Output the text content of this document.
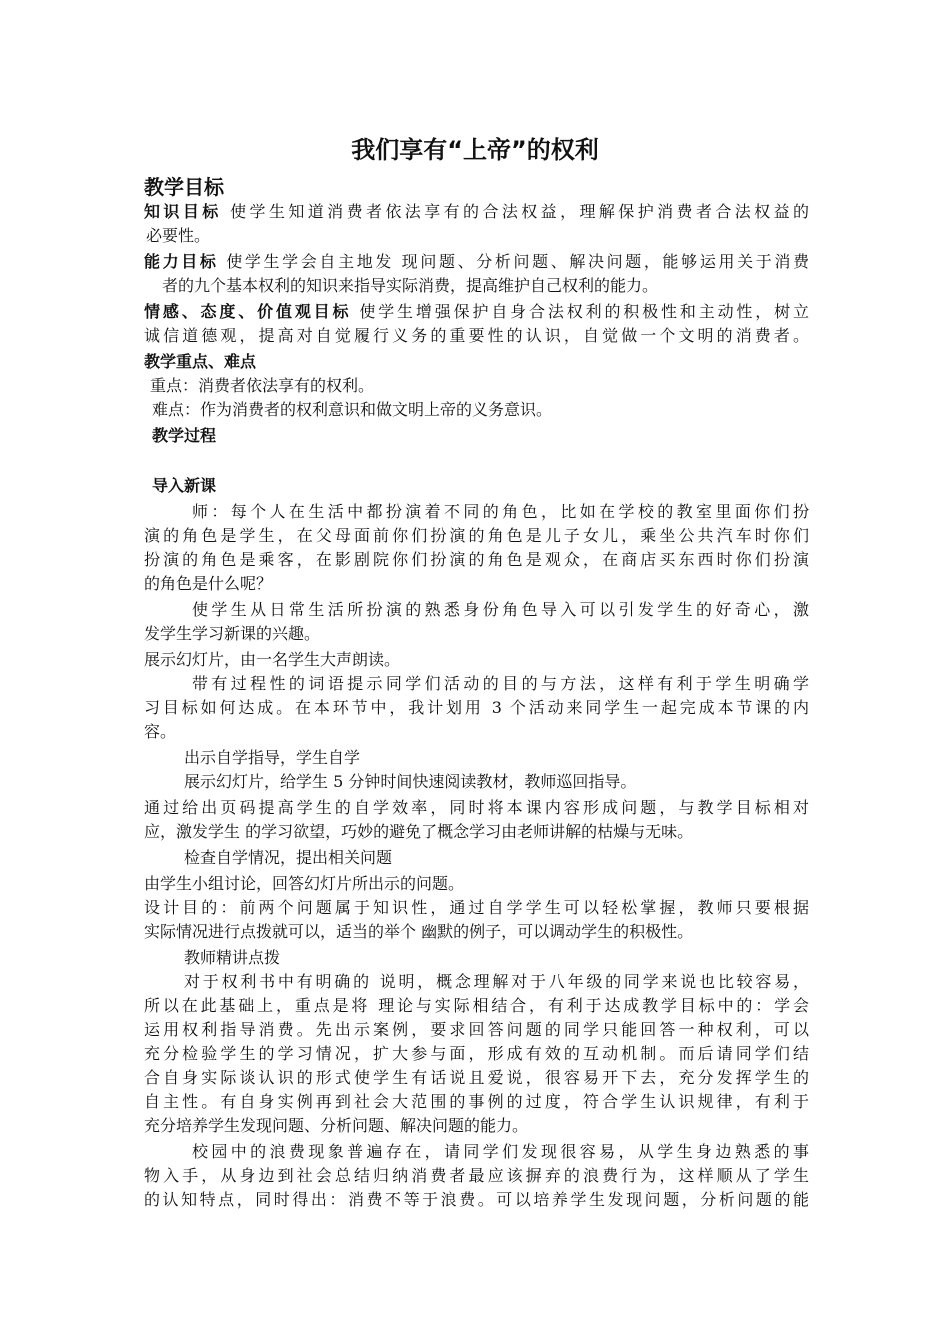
我们享有“上帝”的权利
教学目标
知识目标 使学生知道消费者依法享有的合法权益，理解保护消费者合法权益的
必要性。
能力目标 使学生学会自主地发 现问题、分析问题、解决问题，能够运用关于消费
者的九个基本权利的知识来指导实际消费，提高维护自己权利的能力。
情感、态度、价值观目标 使学生增强保护自身合法权利的积极性和主动性，树立
诚信道德观，提高对自觉履行义务的重要性的认识，自觉做一个文明的消费者。
教学重点、难点
重点：消费者依法享有的权利。
难点：作为消费者的权利意识和做文明上帝的义务意识。
教学过程
导入新课
师：每个人在生活中都扮演着不同的角色，比如在学校的教室里面你们扮
演的角色是学生，在父母面前你们扮演的角色是儿子女儿，乘坐公共汽车时你们
扮演的角色是乘客，在影剧院你们扮演的角色是观众，在商店买东西时你们扮演
的角色是什么呢？
使学生从日常生活所扮演的熟悉身份角色导入可以引发学生的好奇心，激
发学生学习新课的兴趣。
展示幻灯片，由一名学生大声朗读。
带有过程性的词语提示同学们活动的目的与方法，这样有利于学生明确学
习目标如何达成。在本环节中，我计划用 3 个活动来同学生一起完成本节课的内
容。
出示自学指导，学生自学
展示幻灯片，给学生 5 分钟时间快速阅读教材，教师巡回指导。
通过给出页码提高学生的自学效率，同时将本课内容形成问题，与教学目标相对
应，激发学生 的学习欲望，巧妙的避免了概念学习由老师讲解的枯燥与无味。
检查自学情况，提出相关问题
由学生小组讨论，回答幻灯片所出示的问题。
设计目的：前两个问题属于知识性，通过自学学生可以轻松掌握，教师只要根据
实际情况进行点拨就可以，适当的举个 幽默的例子，可以调动学生的积极性。
教师精讲点拨
对于权利书中有明确的 说明，概念理解对于八年级的同学来说也比较容易，
所以在此基础上，重点是将 理论与实际相结合，有利于达成教学目标中的：学会
运用权利指导消费。先出示案例，要求回答问题的同学只能回答一种权利，可以
充分检验学生的学习情况，扩大参与面，形成有效的互动机制。而后请同学们结
合自身实际谈认识的形式使学生有话说且爱说，很容易开下去，充分发挥学生的
自主性。有自身实例再到社会大范围的事例的过度，符合学生认识规律，有利于
充分培养学生发现问题、分析问题、解决问题的能力。
校园中的浪费现象普遍存在，请同学们发现很容易，从学生身边熟悉的事
物入手，从身边到社会总结归纳消费者最应该摒弃的浪费行为，这样顺从了学生
的认知特点，同时得出：消费不等于浪费。可以培养学生发现问题，分析问题的能
